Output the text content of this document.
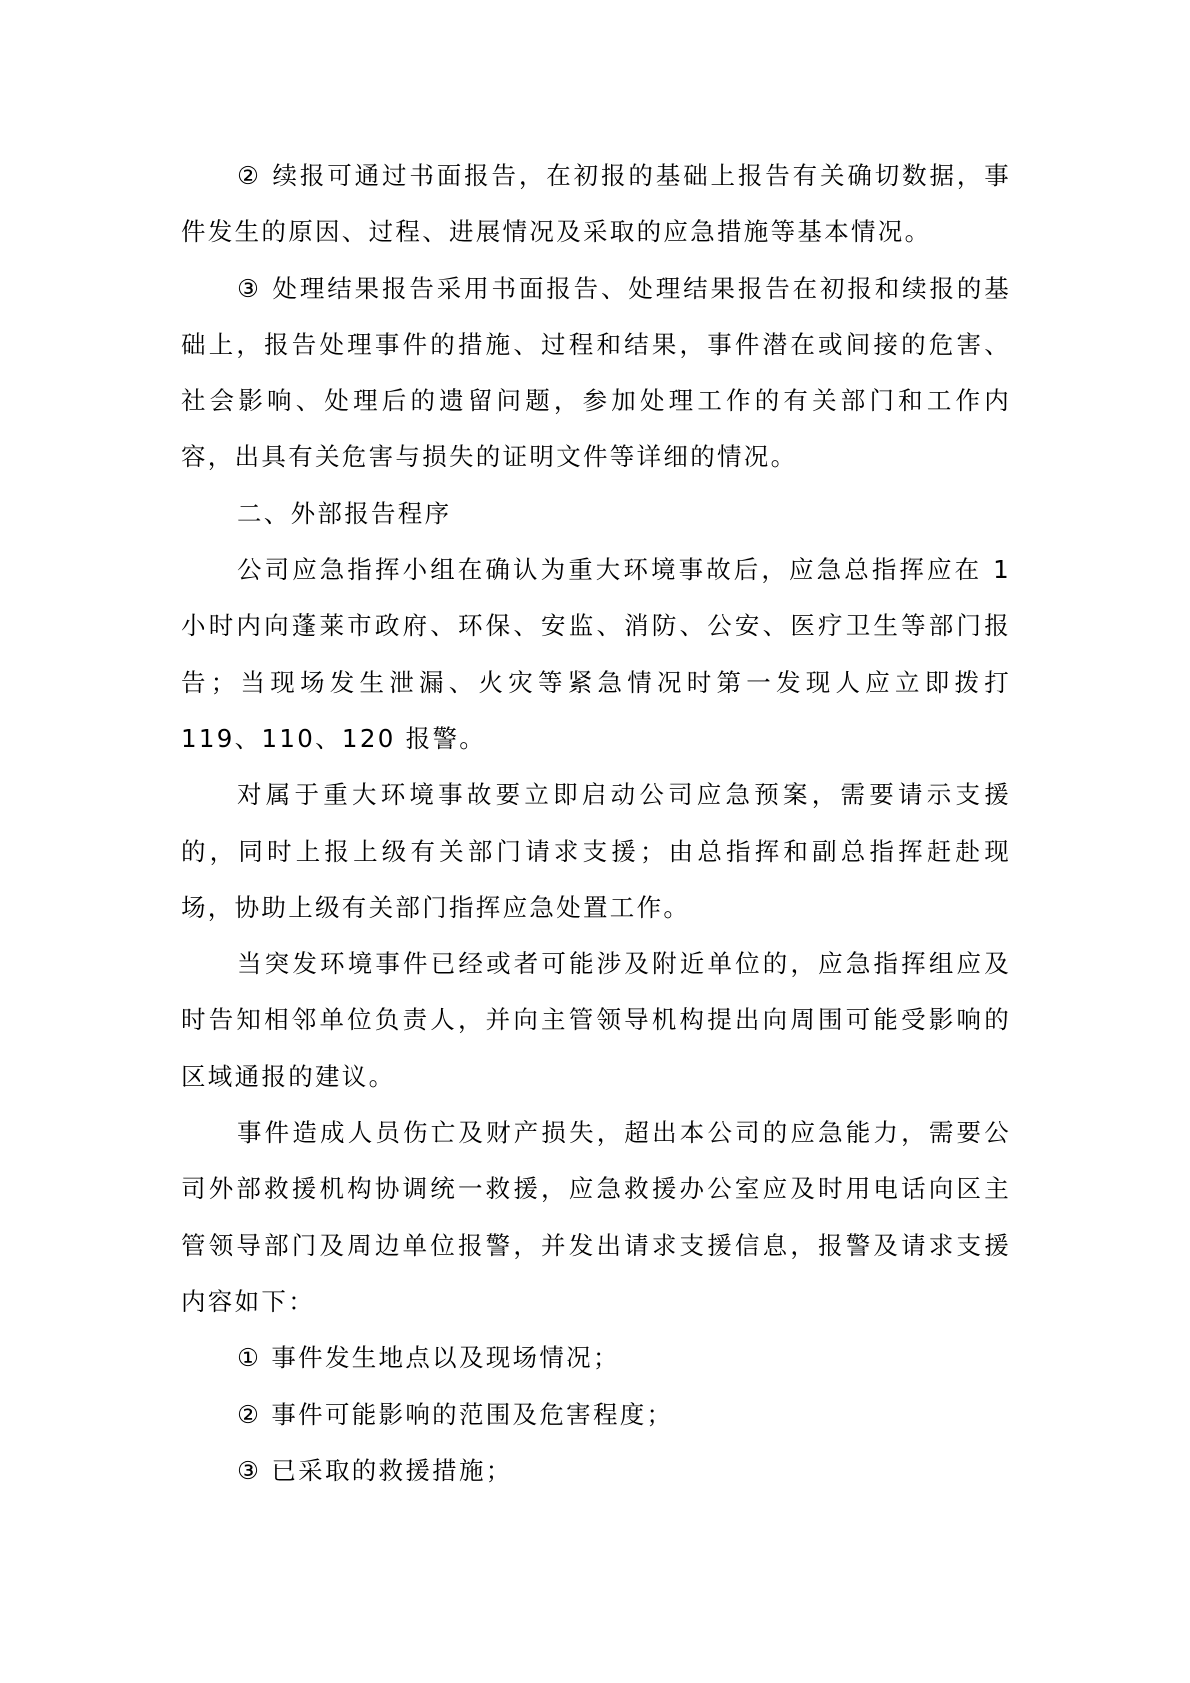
② 续报可通过书面报告，在初报的基础上报告有关确切数据，事件发生的原因、过程、进展情况及采取的应急措施等基本情况。

③ 处理结果报告采用书面报告、处理结果报告在初报和续报的基础上，报告处理事件的措施、过程和结果，事件潜在或间接的危害、社会影响、处理后的遗留问题，参加处理工作的有关部门和工作内容，出具有关危害与损失的证明文件等详细的情况。

二、外部报告程序

公司应急指挥小组在确认为重大环境事故后，应急总指挥应在 1 小时内向蓬莱市政府、环保、安监、消防、公安、医疗卫生等部门报告；当现场发生泄漏、火灾等紧急情况时第一发现人应立即拨打 119、110、120 报警。

对属于重大环境事故要立即启动公司应急预案，需要请示支援的，同时上报上级有关部门请求支援；由总指挥和副总指挥赶赴现场，协助上级有关部门指挥应急处置工作。

当突发环境事件已经或者可能涉及附近单位的，应急指挥组应及时告知相邻单位负责人，并向主管领导机构提出向周围可能受影响的区域通报的建议。

事件造成人员伤亡及财产损失，超出本公司的应急能力，需要公司外部救援机构协调统一救援，应急救援办公室应及时用电话向区主管领导部门及周边单位报警，并发出请求支援信息，报警及请求支援内容如下：

① 事件发生地点以及现场情况；

② 事件可能影响的范围及危害程度；

③ 已采取的救援措施；
